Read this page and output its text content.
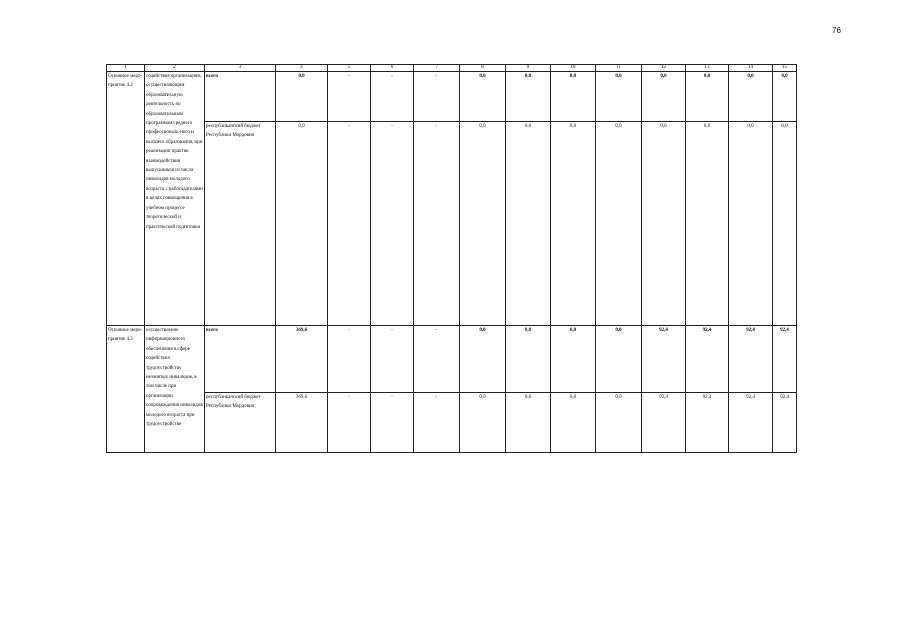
76
1	2	3	4	5	6	7	8	9	10	11	12	13	14	15
Основное меро-приятие 4.2	содействие организациям, осуществляющим образовательную деятельность по образовательным программам среднего профессиональ-ного и высшего образования, при реализации практик взаимодействия выпускников из числа инвалидов молодого возраста с работодателями в целях совмещения в учебном процессе теоретической и практической подготовки	всего	0,0	-	-	-	0,0	0,0	0,0	0,0	0,0	0,0	0,0	0,0
		республиканский бюджет Республики Мордовия	0,0	-	-	-	0,0	0,0	0,0	0,0	0,0	0,0	0,0	0,0
Основное меро-приятие 4.3	осуществление информационного обеспечения в сфере содействия трудоустройству незанятых инвалидов, в том числе при организации сопровождения инвалидов молодого возраста при трудоустройстве	всего	369,6	-	-	-	0,0	0,0	0,0	0,0	92,4	92,4	92,4	92,4
		республиканский бюджет Республики Мордовия	369,6	-	-	-	0,0	0,0	0,0	0,0	92,4	92,4	92,4	92,4
